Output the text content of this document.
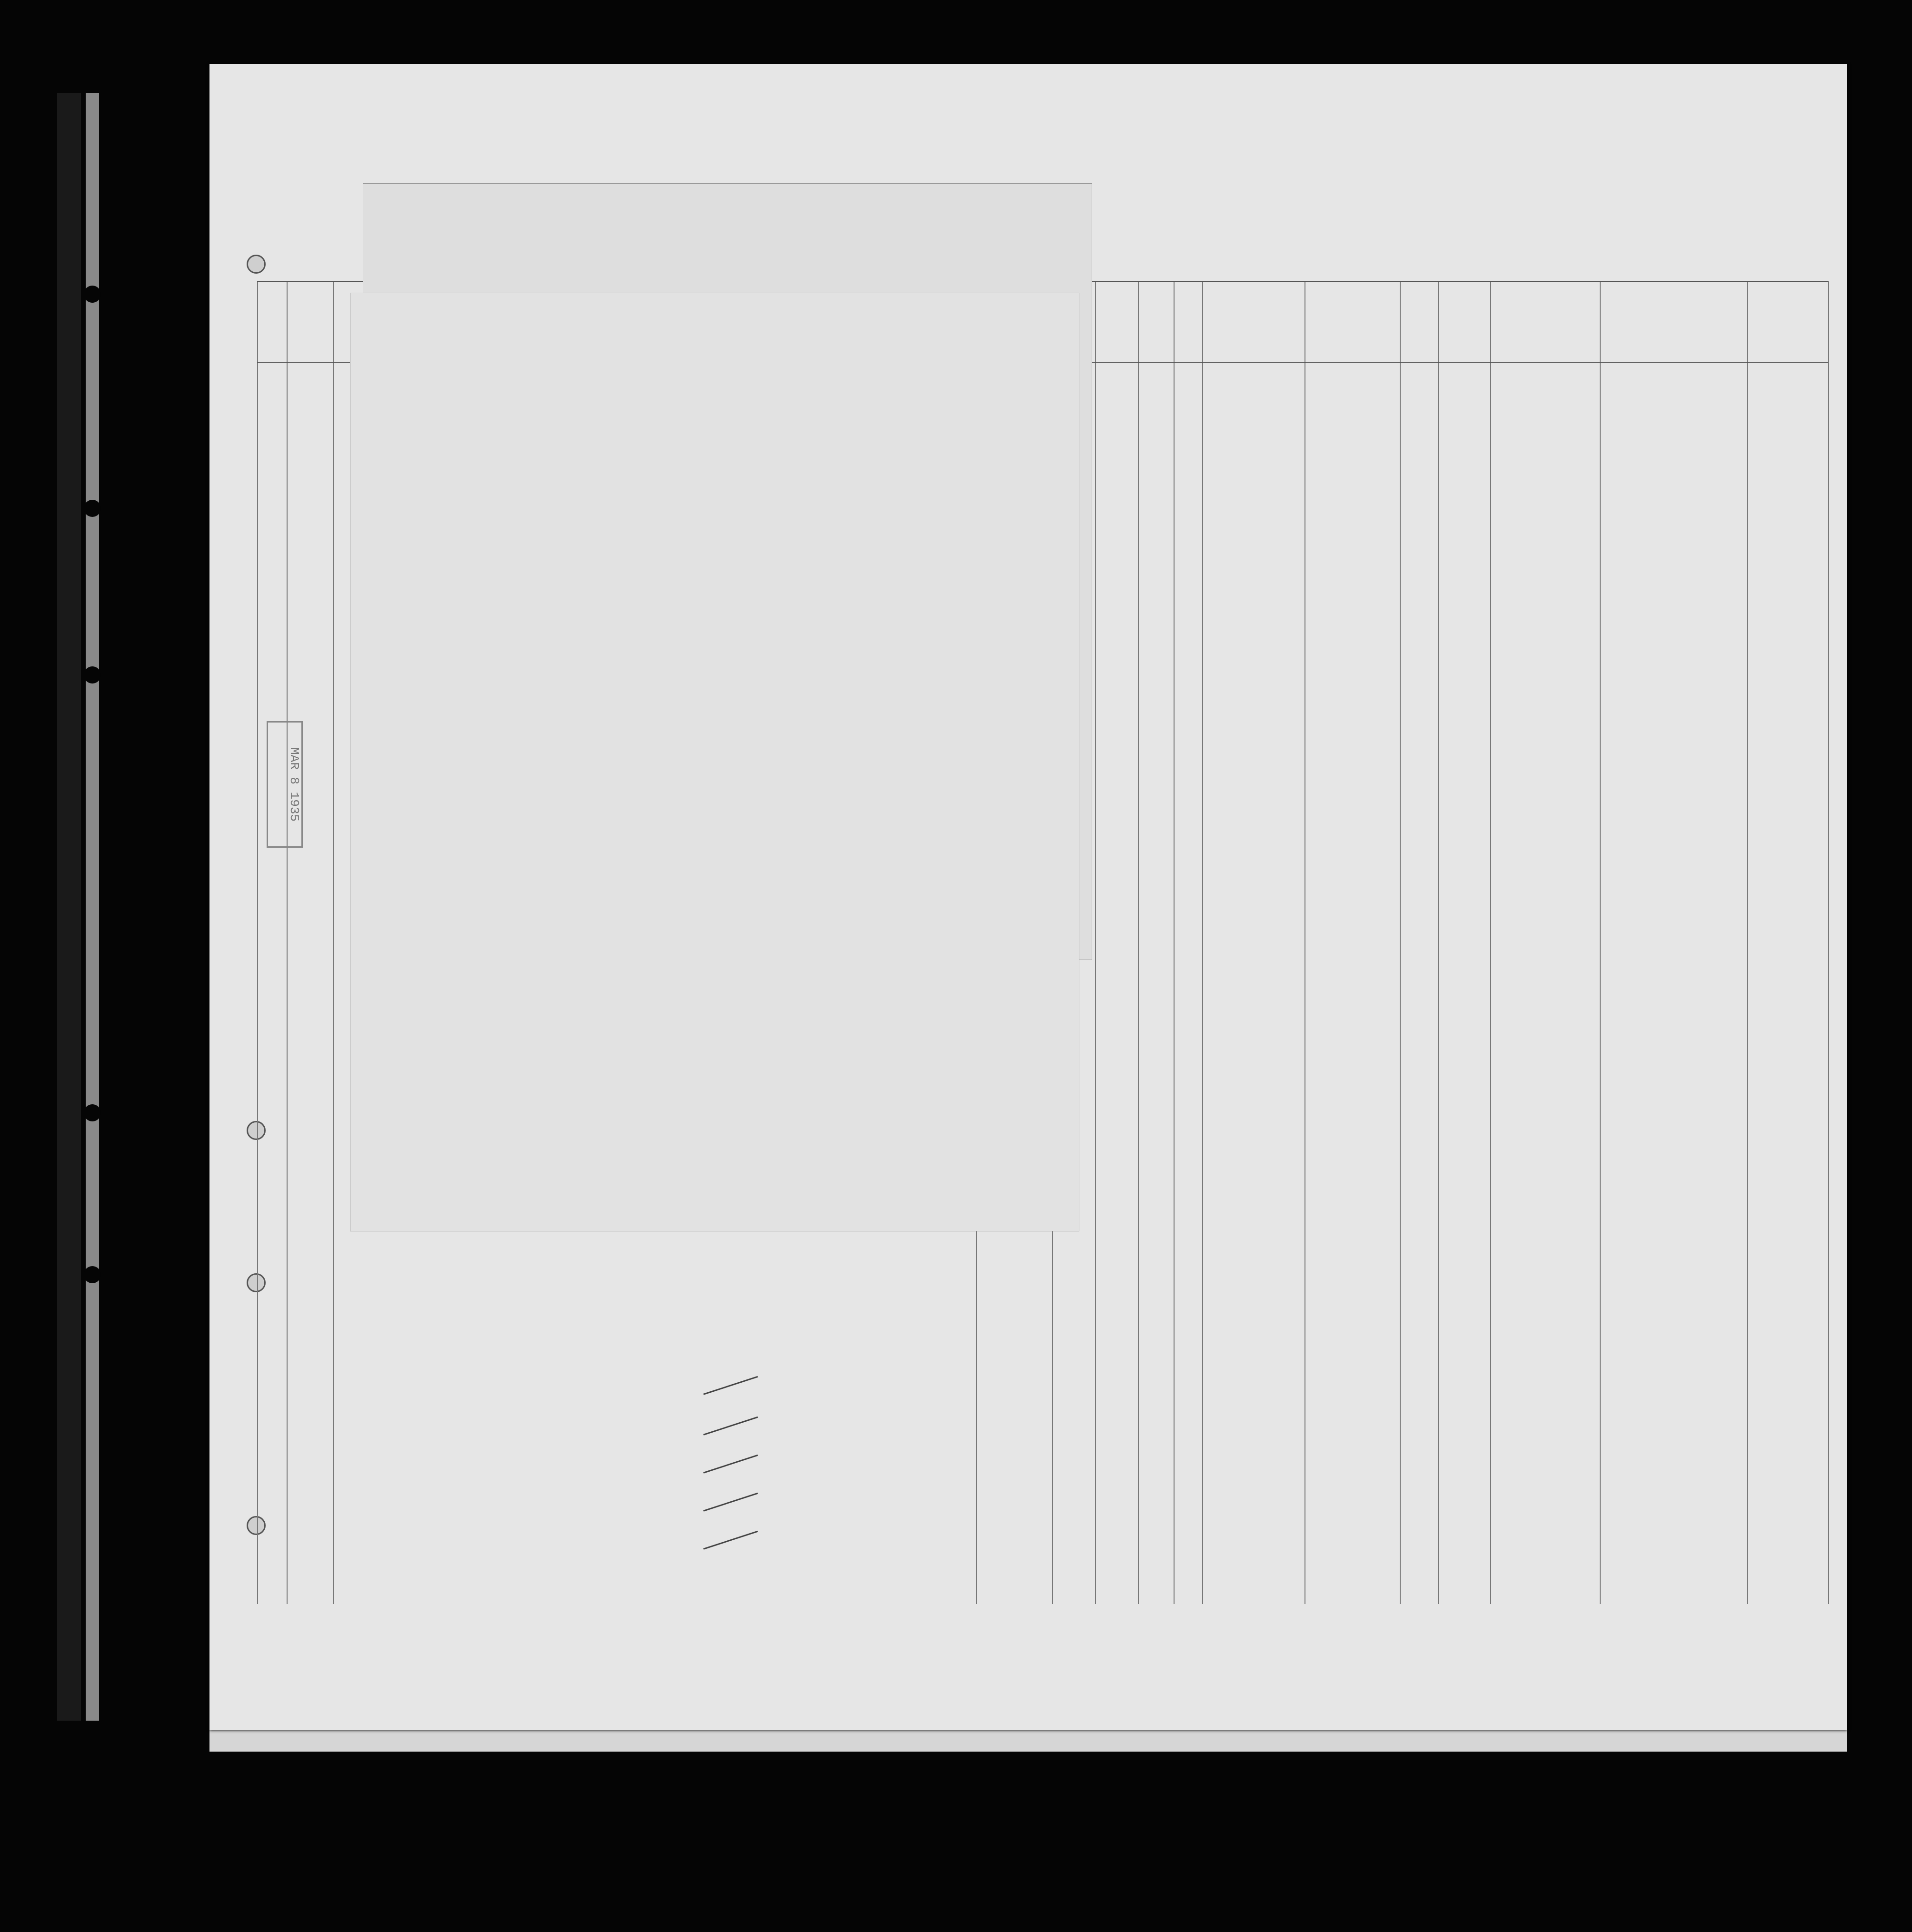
MAR 8 1935
